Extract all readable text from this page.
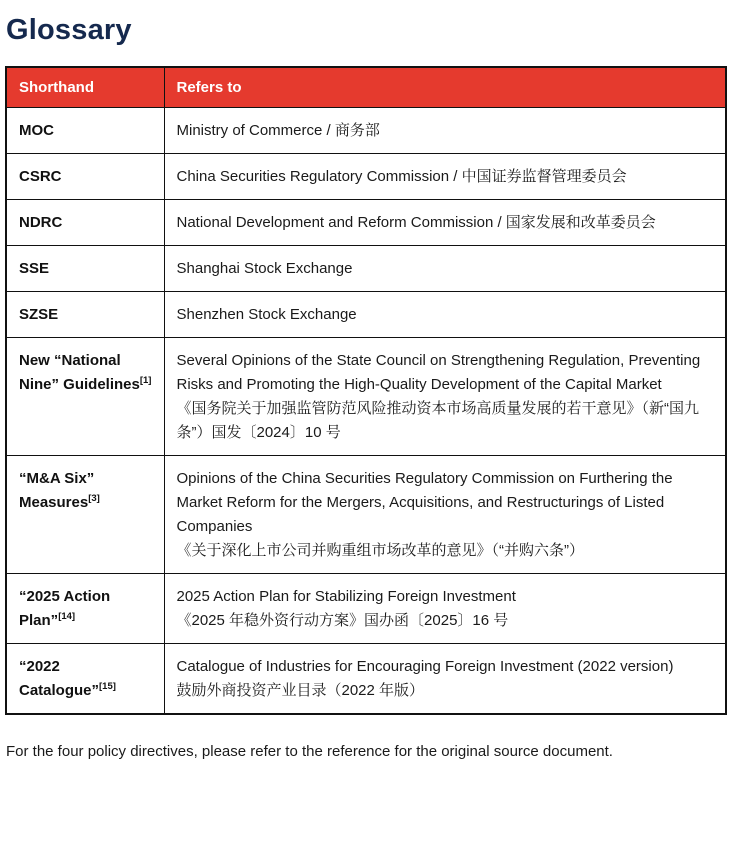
Glossary
Shorthand	Refers to
MOC	Ministry of Commerce / 商务部

CSRC	China Securities Regulatory Commission / 中国证券监督管理委员会

NDRC	National Development and Reform Commission / 国家发展和改革委员会

SSE	Shanghai Stock Exchange

SZSE	Shenzhen Stock Exchange

New “National Nine” Guidelines[1]	Several Opinions of the State Council on Strengthening Regulation, Preventing Risks and Promoting the High-Quality Development of the Capital Market
《国务院关于加强监管防范风险推动资本市场高质量发展的若干意见》（新“国九条”）国发〔2024〕10 号

“M&A Six” Measures[3]	Opinions of the China Securities Regulatory Commission on Furthering the Market Reform for the Mergers, Acquisitions, and Restructurings of Listed Companies
《关于深化上市公司并购重组市场改革的意见》（“并购六条”）

“2025 Action Plan”[14]	2025 Action Plan for Stabilizing Foreign Investment
《2025 年稳外资行动方案》国办函〔2025〕16 号

“2022 Catalogue”[15]	Catalogue of Industries for Encouraging Foreign Investment (2022 version)
鼓励外商投资产业目录（2022 年版）

For the four policy directives, please refer to the reference for the original source document.
